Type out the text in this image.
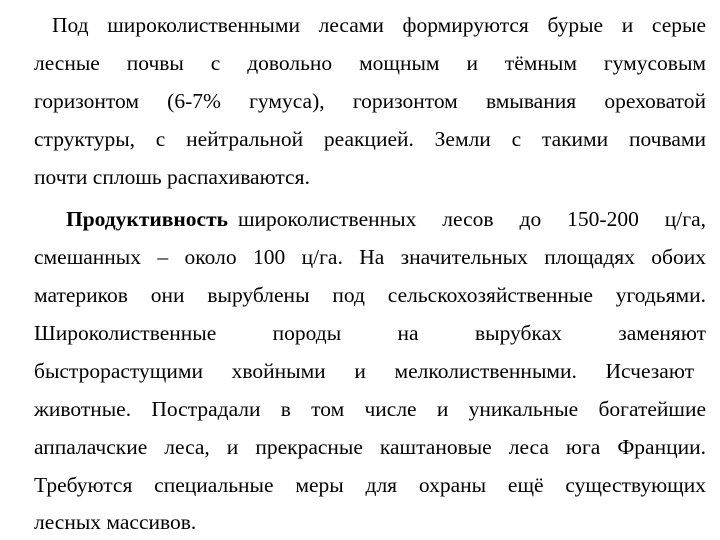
Под широколиственными лесами формируются бурые и серые
лесные почвы с довольно мощным и тёмным гумусовым
горизонтом (6-7% гумуса), горизонтом вмывания ореховатой
структуры, с нейтральной реакцией. Земли с такими почвами
почти сплошь распахиваются.
Продуктивность широколиственных лесов до 150-200 ц/га,
смешанных – около 100 ц/га. На значительных площадях обоих
материков они вырублены под сельскохозяйственные угодьями.
Широколиственные породы на вырубках заменяют
быстрорастущими хвойными и мелколиственными. Исчезают
животные. Пострадали в том числе и уникальные богатейшие
аппалачские леса, и прекрасные каштановые леса юга Франции.
Требуются специальные меры для охраны ещё существующих
лесных массивов.
